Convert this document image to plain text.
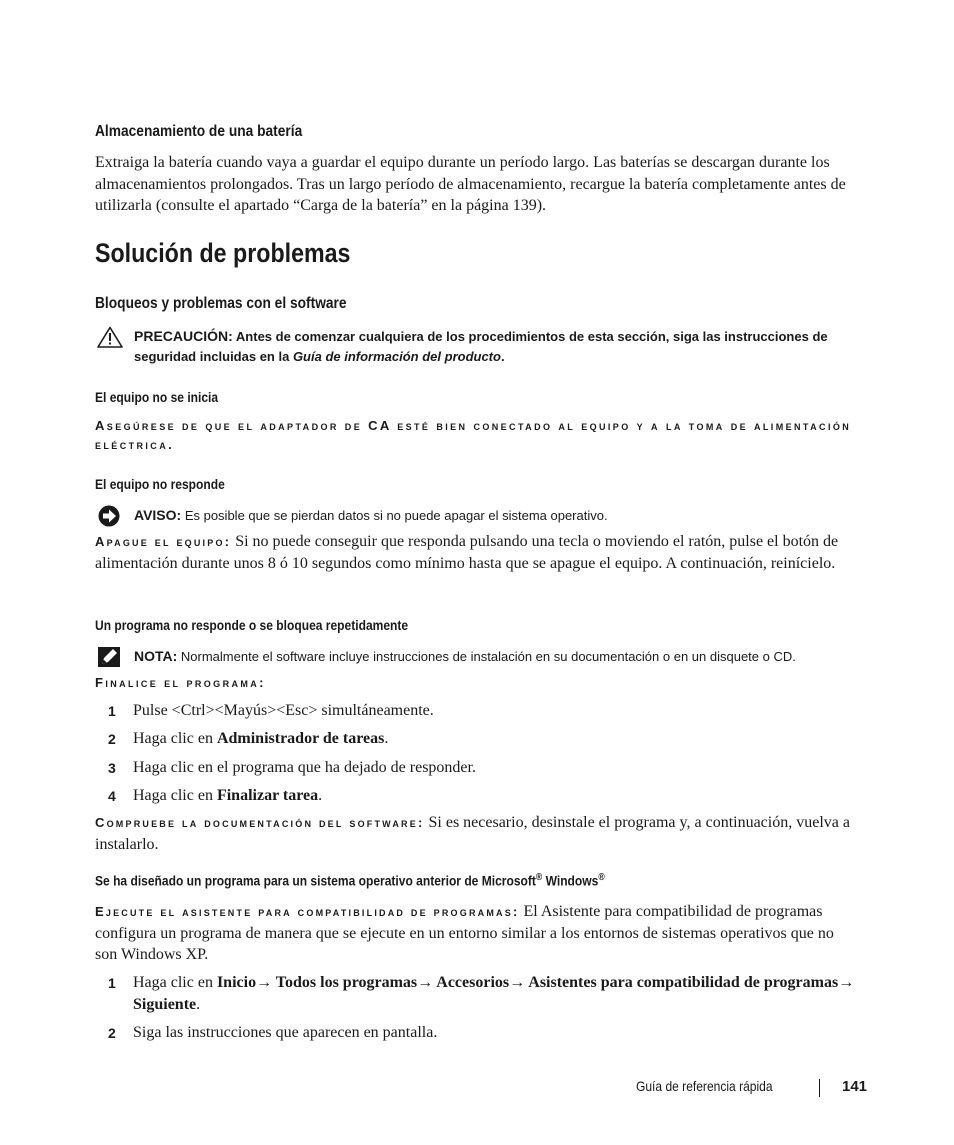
Almacenamiento de una batería
Extraiga la batería cuando vaya a guardar el equipo durante un período largo. Las baterías se descargan durante los almacenamientos prolongados. Tras un largo período de almacenamiento, recargue la batería completamente antes de utilizarla (consulte el apartado “Carga de la batería” en la página 139).
Solución de problemas
Bloqueos y problemas con el software
PRECAUCIÓN: Antes de comenzar cualquiera de los procedimientos de esta sección, siga las instrucciones de seguridad incluidas en la Guía de información del producto.
El equipo no se inicia
Asegúrese de que el adaptador de CA esté bien conectado al equipo y a la toma de alimentación eléctrica.
El equipo no responde
AVISO: Es posible que se pierdan datos si no puede apagar el sistema operativo.
Apague el equipo: Si no puede conseguir que responda pulsando una tecla o moviendo el ratón, pulse el botón de alimentación durante unos 8 ó 10 segundos como mínimo hasta que se apague el equipo. A continuación, reinícielo.
Un programa no responde o se bloquea repetidamente
NOTA: Normalmente el software incluye instrucciones de instalación en su documentación o en un disquete o CD.
Finalice el programa:
1 Pulse <Ctrl><Mayús><Esc> simultáneamente.
2 Haga clic en Administrador de tareas.
3 Haga clic en el programa que ha dejado de responder.
4 Haga clic en Finalizar tarea.
Compruebe la documentación del software: Si es necesario, desinstale el programa y, a continuación, vuelva a instalarlo.
Se ha diseñado un programa para un sistema operativo anterior de Microsoft® Windows®
Ejecute el asistente para compatibilidad de programas: El Asistente para compatibilidad de programas configura un programa de manera que se ejecute en un entorno similar a los entornos de sistemas operativos que no son Windows XP.
1 Haga clic en Inicio→ Todos los programas→ Accesorios→ Asistentes para compatibilidad de programas→ Siguiente.
2 Siga las instrucciones que aparecen en pantalla.
Guía de referencia rápida	141
